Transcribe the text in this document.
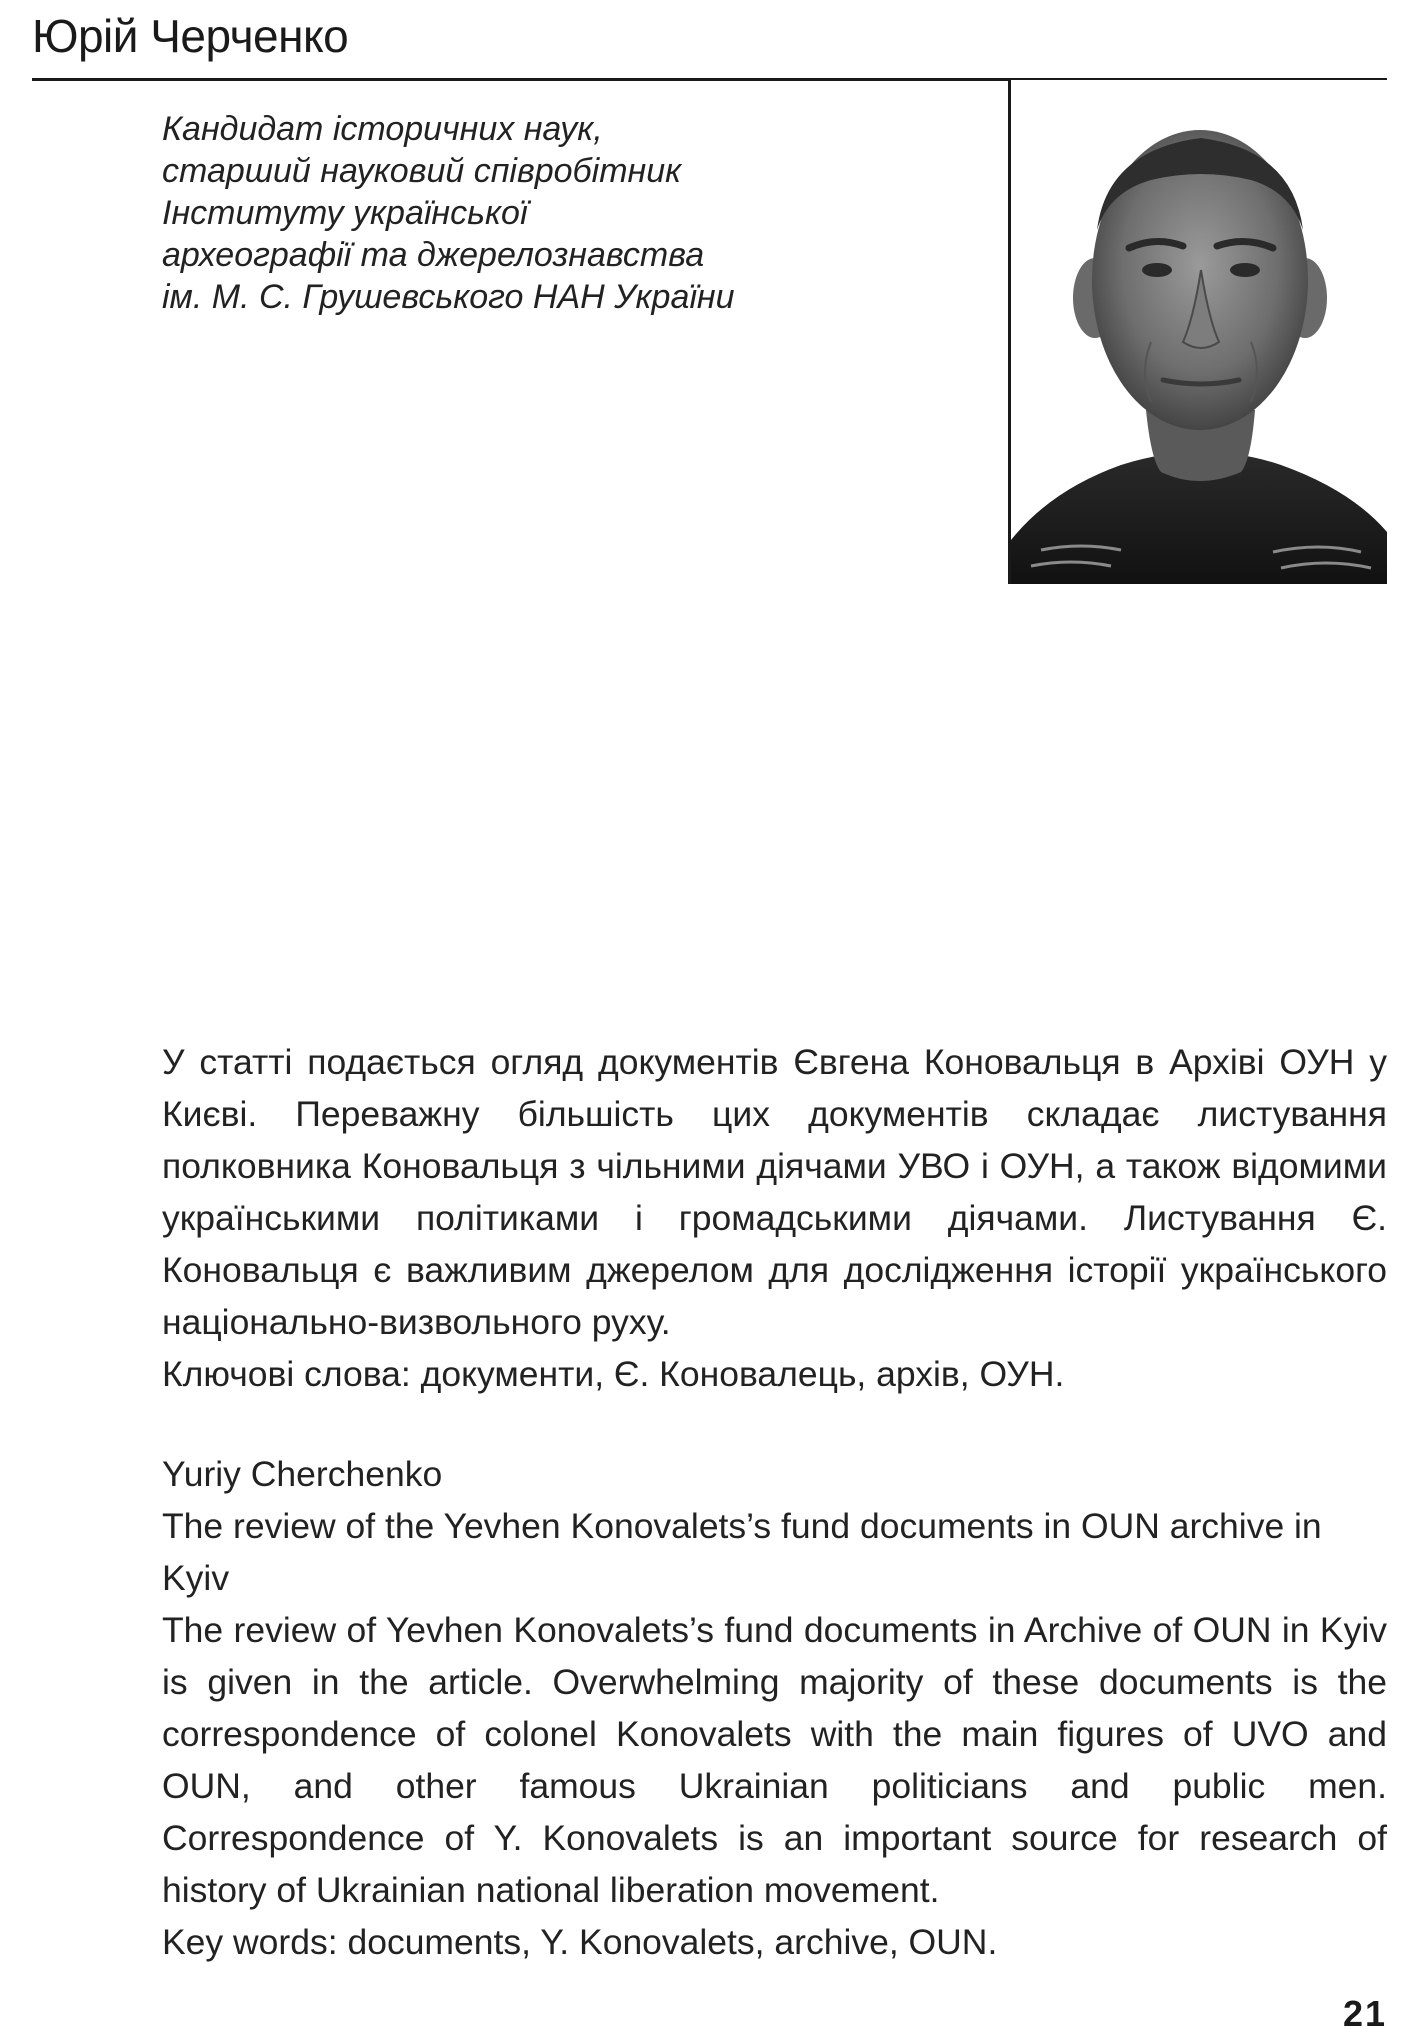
Юрій Черченко
Кандидат історичних наук,
старший науковий співробітник
Інституту української
археографії та джерелознавства
ім. М. С. Грушевського НАН України

У статті подається огляд документів Євгена Коновальця в Архіві ОУН у Києві. Переважну більшість цих документів складає листування полковника Коновальця з чільними діячами УВО і ОУН, а також відомими українськими політиками і громадськими діячами. Листування Є. Коновальця є важливим джерелом для дослідження історії українського національно-визвольного руху.

Ключові слова: документи, Є. Коновалець, архів, ОУН.

Yuriy Cherchenko

The review of the Yevhen Konovalets’s fund documents in OUN archive in Kyiv

The review of Yevhen Konovalets’s fund documents in Archive of OUN in Kyiv is given in the article. Overwhelming majority of these documents is the correspondence of colonel Konovalets with the main figures of UVO and OUN, and other famous Ukrainian politicians and public men. Correspondence of Y. Konovalets is an important source for research of history of Ukrainian national liberation movement.

Key words: documents, Y. Konovalets, archive, OUN.

21
